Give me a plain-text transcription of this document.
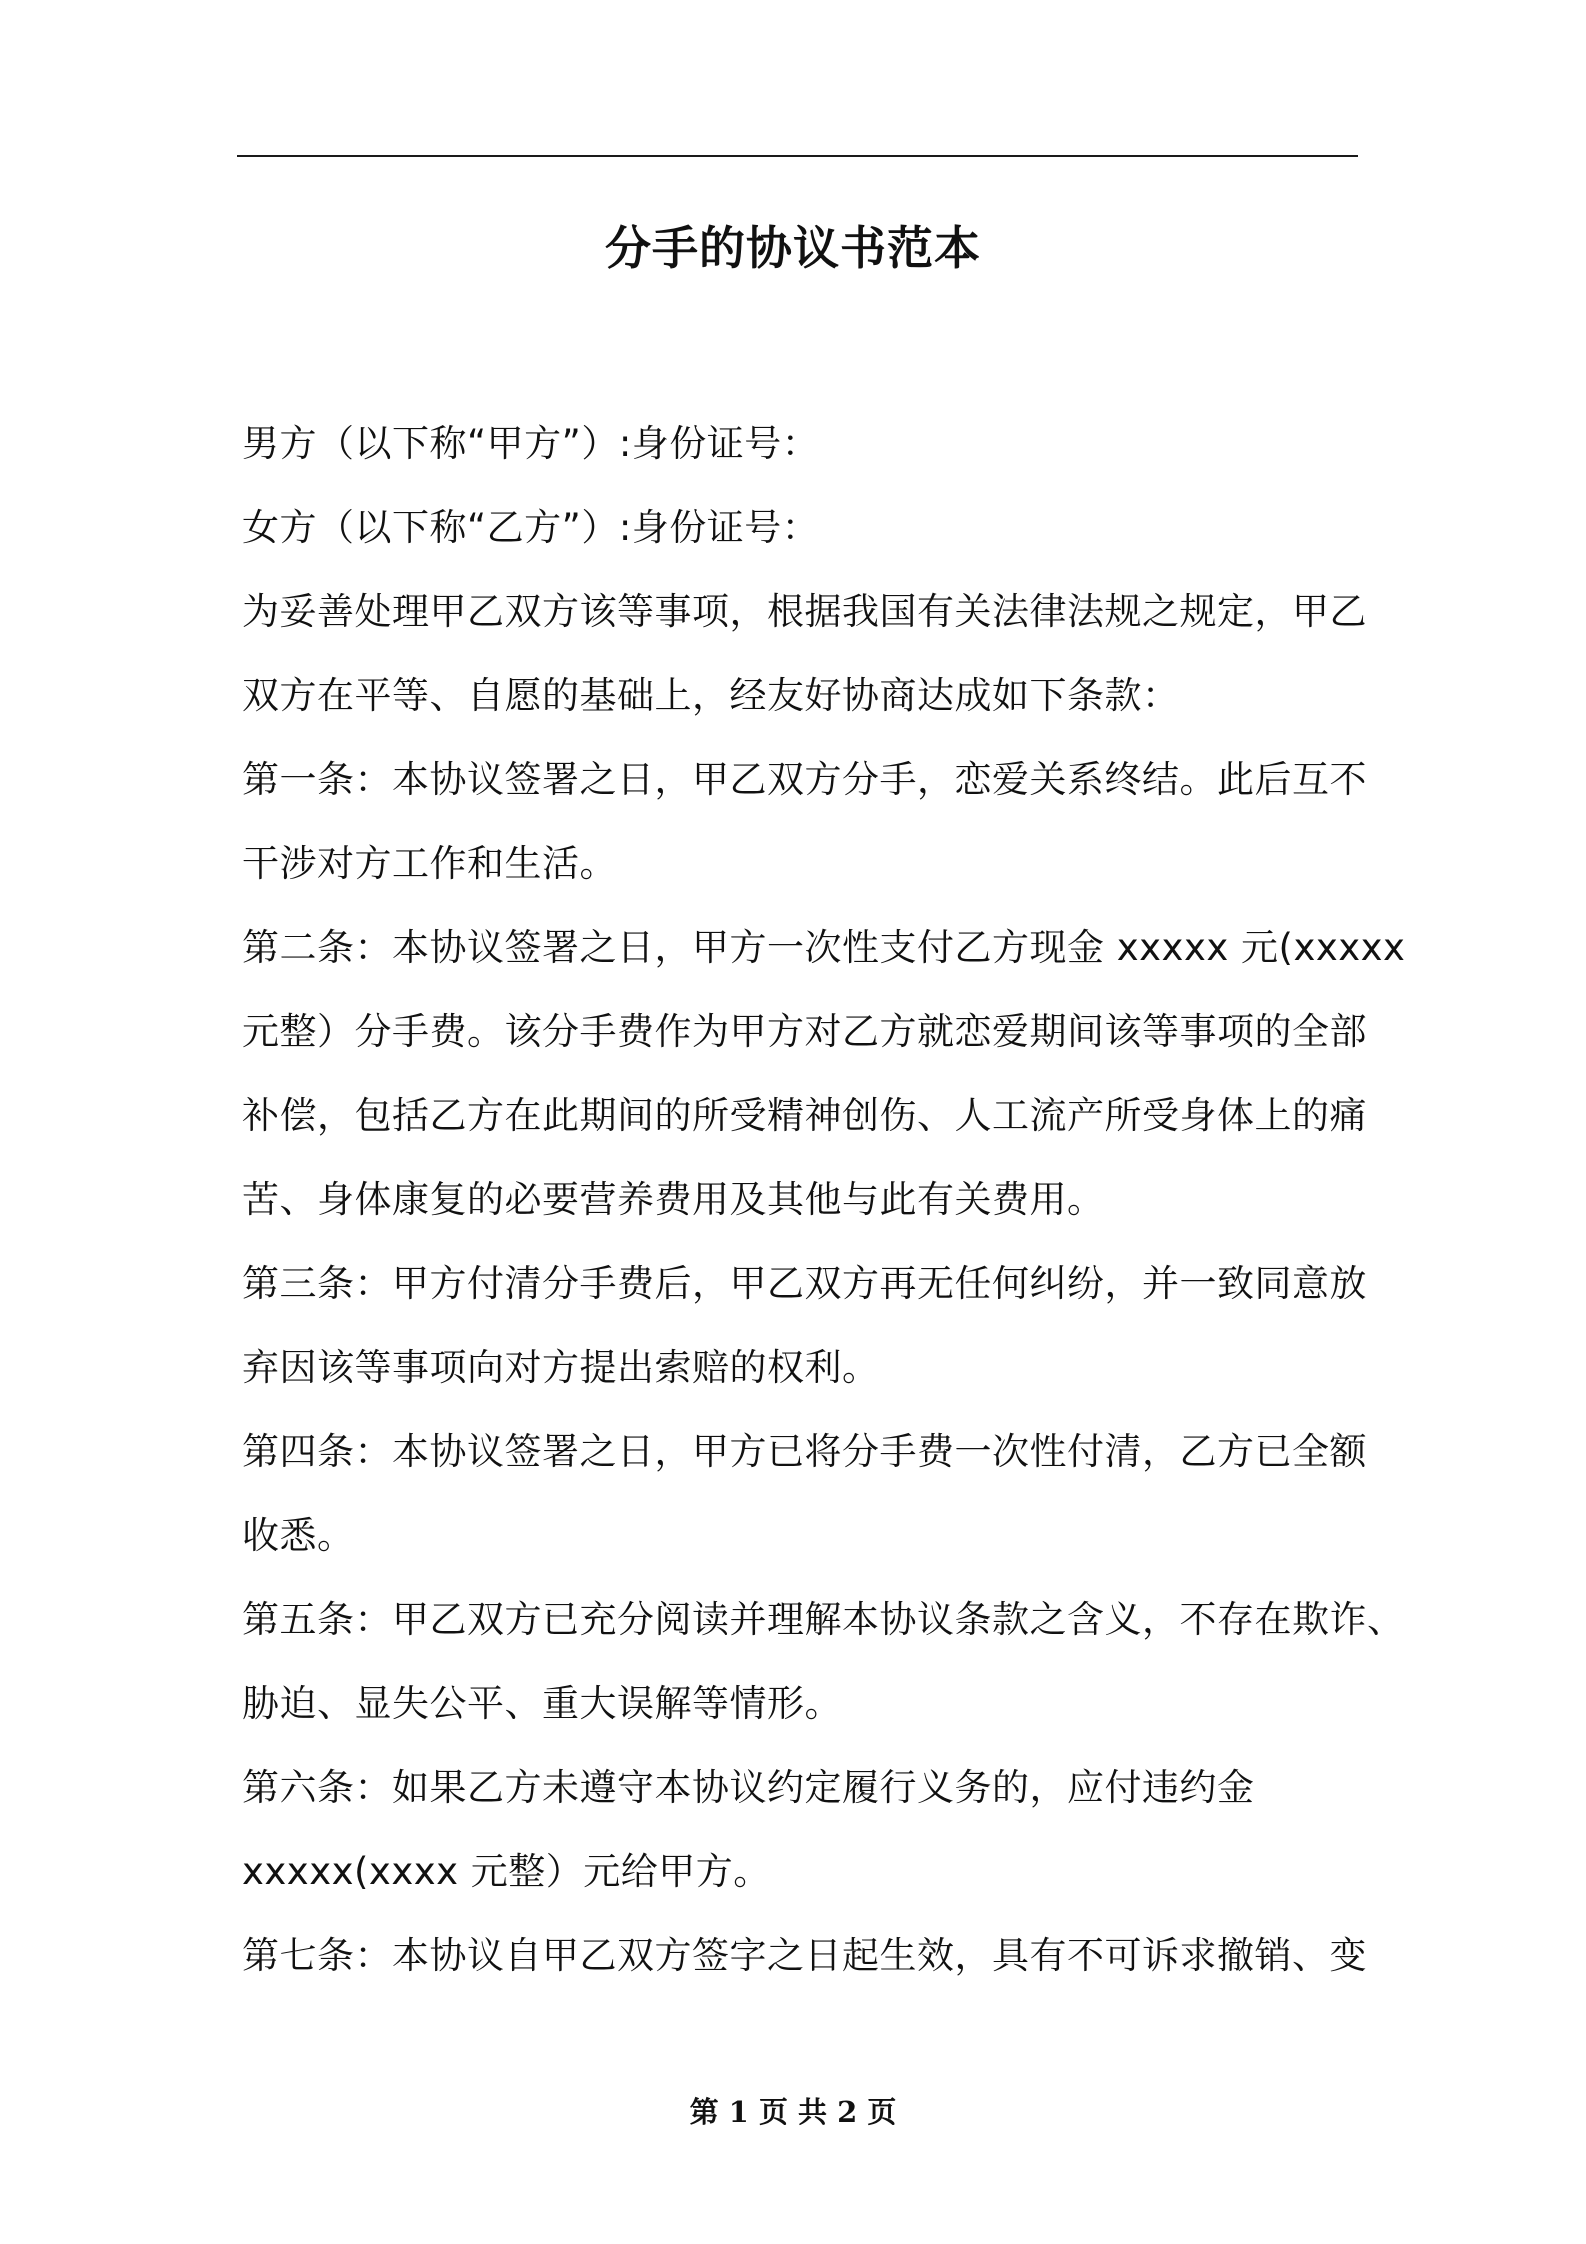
分手的协议书范本
男方（以下称“甲方”）:身份证号：
女方（以下称“乙方”）:身份证号：
为妥善处理甲乙双方该等事项，根据我国有关法律法规之规定，甲乙
双方在平等、自愿的基础上，经友好协商达成如下条款：
第一条：本协议签署之日，甲乙双方分手，恋爱关系终结。此后互不
干涉对方工作和生活。
第二条：本协议签署之日，甲方一次性支付乙方现金 xxxxx 元(xxxxx
元整）分手费。该分手费作为甲方对乙方就恋爱期间该等事项的全部
补偿，包括乙方在此期间的所受精神创伤、人工流产所受身体上的痛
苦、身体康复的必要营养费用及其他与此有关费用。
第三条：甲方付清分手费后，甲乙双方再无任何纠纷，并一致同意放
弃因该等事项向对方提出索赔的权利。
第四条：本协议签署之日，甲方已将分手费一次性付清，乙方已全额
收悉。
第五条：甲乙双方已充分阅读并理解本协议条款之含义，不存在欺诈、
胁迫、显失公平、重大误解等情形。
第六条：如果乙方未遵守本协议约定履行义务的，应付违约金
xxxxx(xxxx 元整）元给甲方。
第七条：本协议自甲乙双方签字之日起生效，具有不可诉求撤销、变
第 1 页 共 2 页
